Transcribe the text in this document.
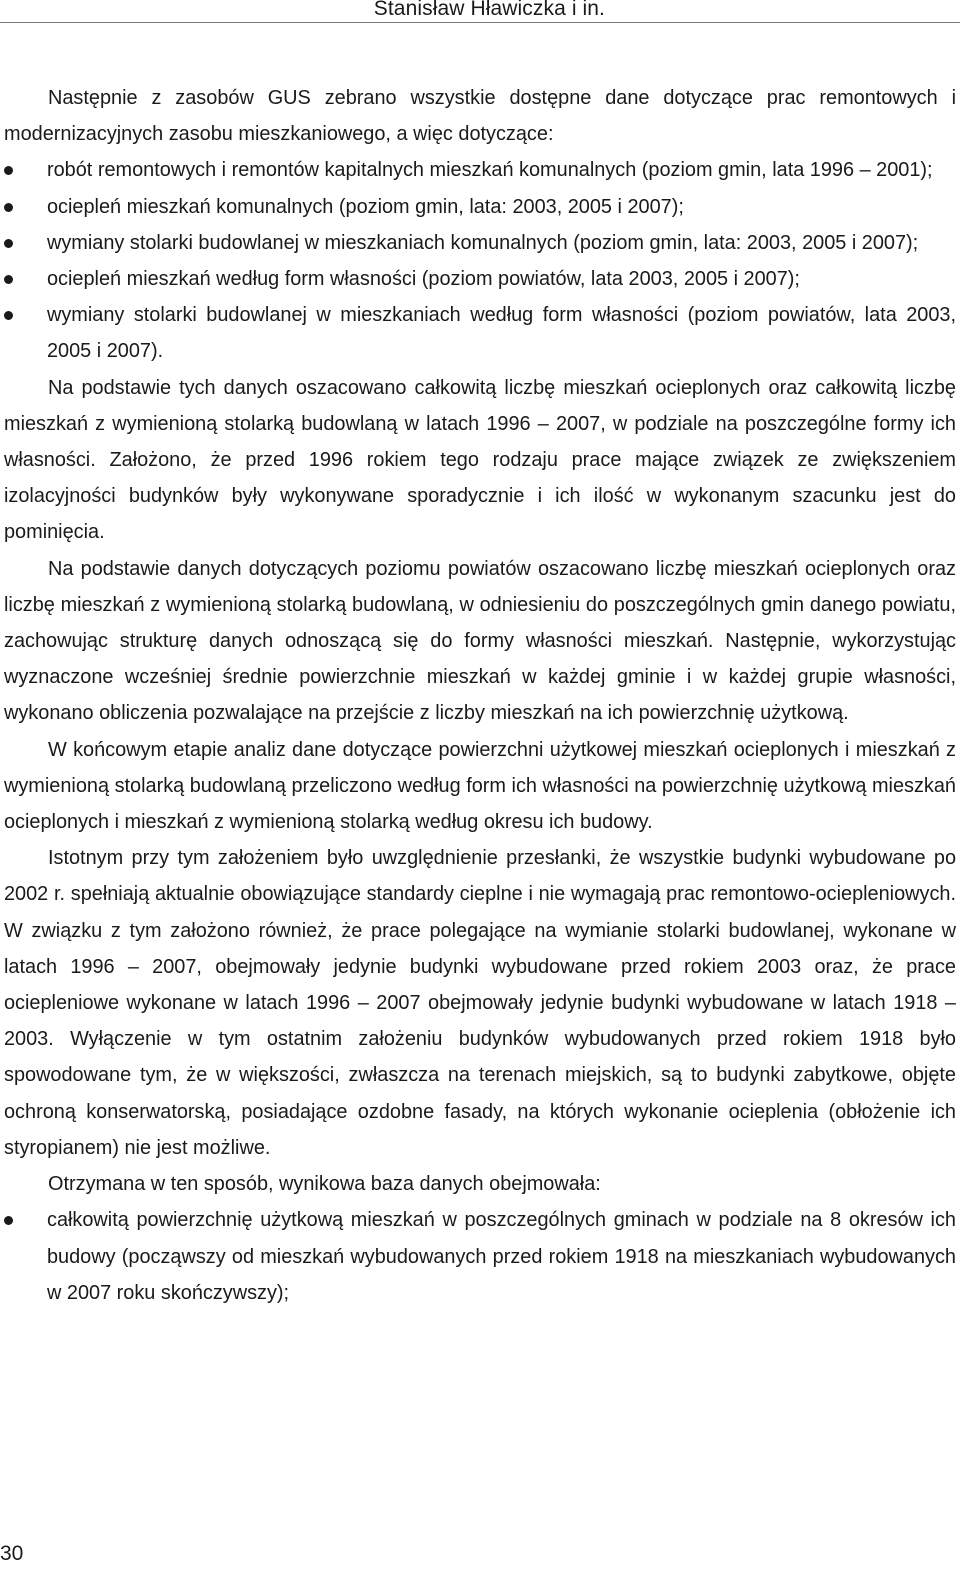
Stanisław Hławiczka i in.

Następnie z zasobów GUS zebrano wszystkie dostępne dane dotyczące prac remontowych i modernizacyjnych zasobu mieszkaniowego, a więc dotyczące:

robót remontowych i remontów kapitalnych mieszkań komunalnych (poziom gmin, lata 1996 – 2001);
ociepleń mieszkań komunalnych (poziom gmin, lata: 2003, 2005 i 2007);
wymiany stolarki budowlanej w mieszkaniach komunalnych (poziom gmin, lata: 2003, 2005 i 2007);
ociepleń mieszkań według form własności (poziom powiatów, lata 2003, 2005 i 2007);
wymiany stolarki budowlanej w mieszkaniach według form własności (poziom powiatów, lata 2003, 2005 i 2007).

Na podstawie tych danych oszacowano całkowitą liczbę mieszkań ocieplonych oraz całkowitą liczbę mieszkań z wymienioną stolarką budowlaną w latach 1996 – 2007, w podziale na poszczególne formy ich własności. Założono, że przed 1996 rokiem tego rodzaju prace mające związek ze zwiększeniem izolacyjności budynków były wykonywane sporadycznie i ich ilość w wykonanym szacunku jest do pominięcia.

Na podstawie danych dotyczących poziomu powiatów oszacowano liczbę mieszkań ocieplonych oraz liczbę mieszkań z wymienioną stolarką budowlaną, w odniesieniu do poszczególnych gmin danego powiatu, zachowując strukturę danych odnoszącą się do formy własności mieszkań. Następnie, wykorzystując wyznaczone wcześniej średnie powierzchnie mieszkań w każdej gminie i w każdej grupie własności, wykonano obliczenia pozwalające na przejście z liczby mieszkań na ich powierzchnię użytkową.

W końcowym etapie analiz dane dotyczące powierzchni użytkowej mieszkań ocieplonych i mieszkań z wymienioną stolarką budowlaną przeliczono według form ich własności na powierzchnię użytkową mieszkań ocieplonych i mieszkań z wymienioną stolarką według okresu ich budowy.

Istotnym przy tym założeniem było uwzględnienie przesłanki, że wszystkie budynki wybudowane po 2002 r. spełniają aktualnie obowiązujące standardy cieplne i nie wymagają prac remontowo-ociepleniowych. W związku z tym założono również, że prace polegające na wymianie stolarki budowlanej, wykonane w latach 1996 – 2007, obejmowały jedynie budynki wybudowane przed rokiem 2003 oraz, że prace ociepleniowe wykonane w latach 1996 – 2007 obejmowały jedynie budynki wybudowane w latach 1918 – 2003. Wyłączenie w tym ostatnim założeniu budynków wybudowanych przed rokiem 1918 było spowodowane tym, że w większości, zwłaszcza na terenach miejskich, są to budynki zabytkowe, objęte ochroną konserwatorską, posiadające ozdobne fasady, na których wykonanie ocieplenia (obłożenie ich styropianem) nie jest możliwe.

Otrzymana w ten sposób, wynikowa baza danych obejmowała:

całkowitą powierzchnię użytkową mieszkań w poszczególnych gminach w podziale na 8 okresów ich budowy (począwszy od mieszkań wybudowanych przed rokiem 1918 na mieszkaniach wybudowanych w 2007 roku skończywszy);
30
